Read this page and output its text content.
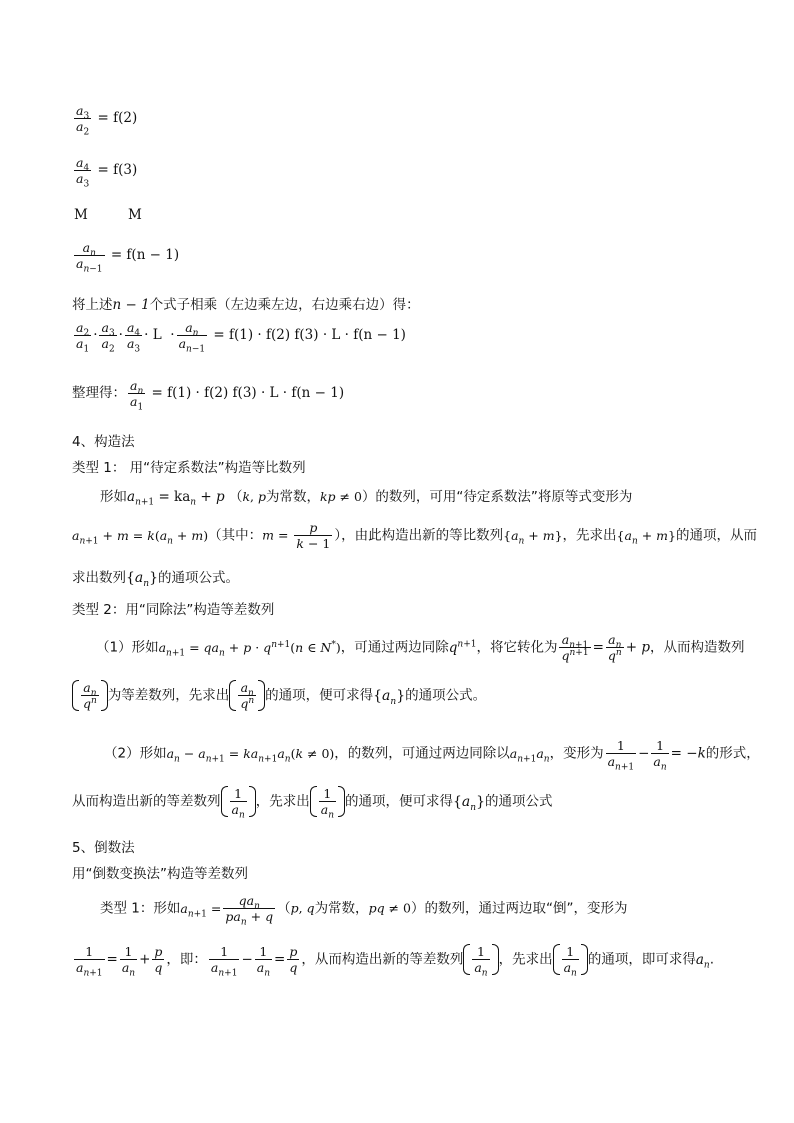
$\frac{a_3}{a_2} = f(2)$
$\frac{a_4}{a_3} = f(3)$
M	M
$\frac{a_n}{a_{n-1}} = f(n - 1)$
将上述n − 1个式子相乘（左边乘左边，右边乘右边）得：
$\frac{a_2}{a_1} \cdot \frac{a_3}{a_2} \cdot \frac{a_4}{a_3} \cdot L \cdot \frac{a_n}{a_{n-1}} = f(1) \cdot f(2) f(3) \cdot L \cdot f(n - 1)$
整理得： $\frac{a_n}{a_1} = f(1) \cdot f(2) f(3) \cdot L \cdot f(n - 1)$
4、构造法
类型 1： 用“待定系数法”构造等比数列
形如$a_{n+1} = ka_n + p$ （k, p为常数，kp ≠ 0）的数列，可用“待定系数法”将原等式变形为
$a_{n+1} + m = k(a_n + m)$（其中：$m = \frac{p}{k - 1}$ ），由此构造出新的等比数列$\{a_n + m\}$，先求出$\{a_n + m\}$的通项，从而
求出数列$\{a_n\}$的通项公式。
类型 2：用“同除法”构造等差数列
（1）形如$a_{n+1} = qa_n + p \cdot q^{n+1}(n$ ∈ N*)，可通过两边同除$q^{n+1}$，将它转化为 $\frac{a_{n+1}}{q^{n+1}} = \frac{a_n}{q^n} + p$，从而构造数列
$\frac{a_n}{q^n}$ 为等差数列，先求出 $\frac{a_n}{q^n}$ 的通项，便可求得$\{a_n\}$的通项公式。
（2）形如$a_n - a_{n+1} = ka_{n+1}a_n(k \ne 0)$，的数列，可通过两边同除以$a_{n+1}a_n$，变形为 $\frac{1}{a_{n+1}} - \frac{1}{a_n} = -k$的形式，
从而构造出新的等差数列 $\frac{1}{a_n}$ ，先求出 $\frac{1}{a_n}$ 的通项，便可求得$\{a_n\}$的通项公式
5、倒数法
用“倒数变换法”构造等差数列
类型 1：形如$a_{n+1} = \frac{qa_n}{pa_n + q} (p$, q为常数，pq ≠ 0）的数列，通过两边取“倒”，变形为
$\frac{1}{a_{n+1}} = \frac{1}{a_n} + \frac{p}{q}$ ，即： $\frac{1}{a_{n+1}} - \frac{1}{a_n} = \frac{p}{q}$ ，从而构造出新的等差数列 $\frac{1}{a_n}$ ，先求出 $\frac{1}{a_n}$ 的通项，即可求得$a_n$.
